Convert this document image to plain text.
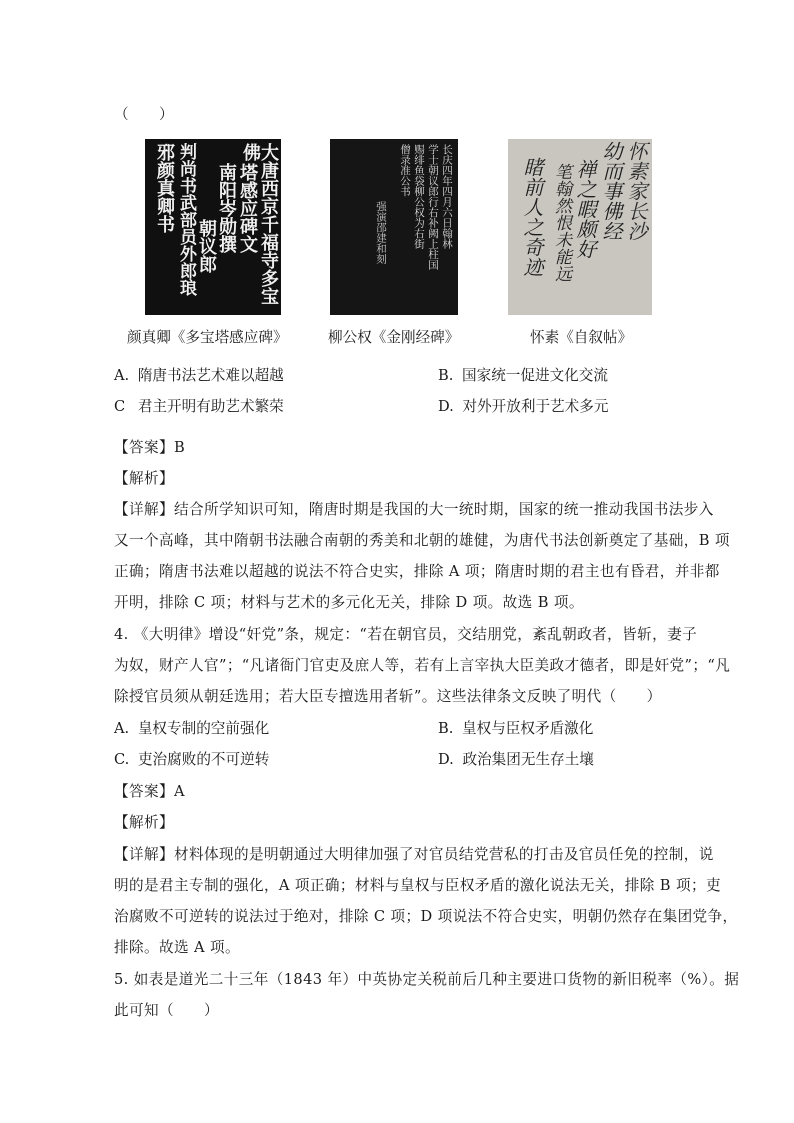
（　　）
大唐西京千福寺多宝佛
塔感应碑文
南阳岑勋撰
朝议郎
判尚书武部员外郎琅
邪颜真卿书
颜真卿《多宝塔感应碑》
长庆四年四月六日翰林
学士朝议郎行右补阙上柱国
赐绯鱼袋柳公权为右街
僧录准公书
强演邵建和刻
柳公权《金刚经碑》
怀素家长沙
幼而事佛经
禅之暇颇好
笔翰然恨未能远
睹前人之奇迹
怀素《自叙帖》
A. 隋唐书法艺术难以超越	B. 国家统一促进文化交流
C 君主开明有助艺术繁荣	D. 对外开放利于艺术多元
【答案】B
【解析】
【详解】结合所学知识可知，隋唐时期是我国的大一统时期，国家的统一推动我国书法步入
又一个高峰，其中隋朝书法融合南朝的秀美和北朝的雄健，为唐代书法创新奠定了基础，B 项
正确；隋唐书法难以超越的说法不符合史实，排除 A 项；隋唐时期的君主也有昏君，并非都
开明，排除 C 项；材料与艺术的多元化无关，排除 D 项。故选 B 项。
4. 《大明律》增设“奸党”条，规定：“若在朝官员，交结朋党，紊乱朝政者，皆斩，妻子
为奴，财产人官”；“凡诸衙门官吏及庶人等，若有上言宰执大臣美政才德者，即是奸党”；“凡
除授官员须从朝廷选用；若大臣专擅选用者斩”。这些法律条文反映了明代（　　）
A. 皇权专制的空前强化	B. 皇权与臣权矛盾激化
C. 吏治腐败的不可逆转	D. 政治集团无生存土壤
【答案】A
【解析】
【详解】材料体现的是明朝通过大明律加强了对官员结党营私的打击及官员任免的控制，说
明的是君主专制的强化，A 项正确；材料与皇权与臣权矛盾的激化说法无关，排除 B 项；吏
治腐败不可逆转的说法过于绝对，排除 C 项；D 项说法不符合史实，明朝仍然存在集团党争，
排除。故选 A 项。
5. 如表是道光二十三年（1843 年）中英协定关税前后几种主要进口货物的新旧税率（%）。据
此可知（　　）
